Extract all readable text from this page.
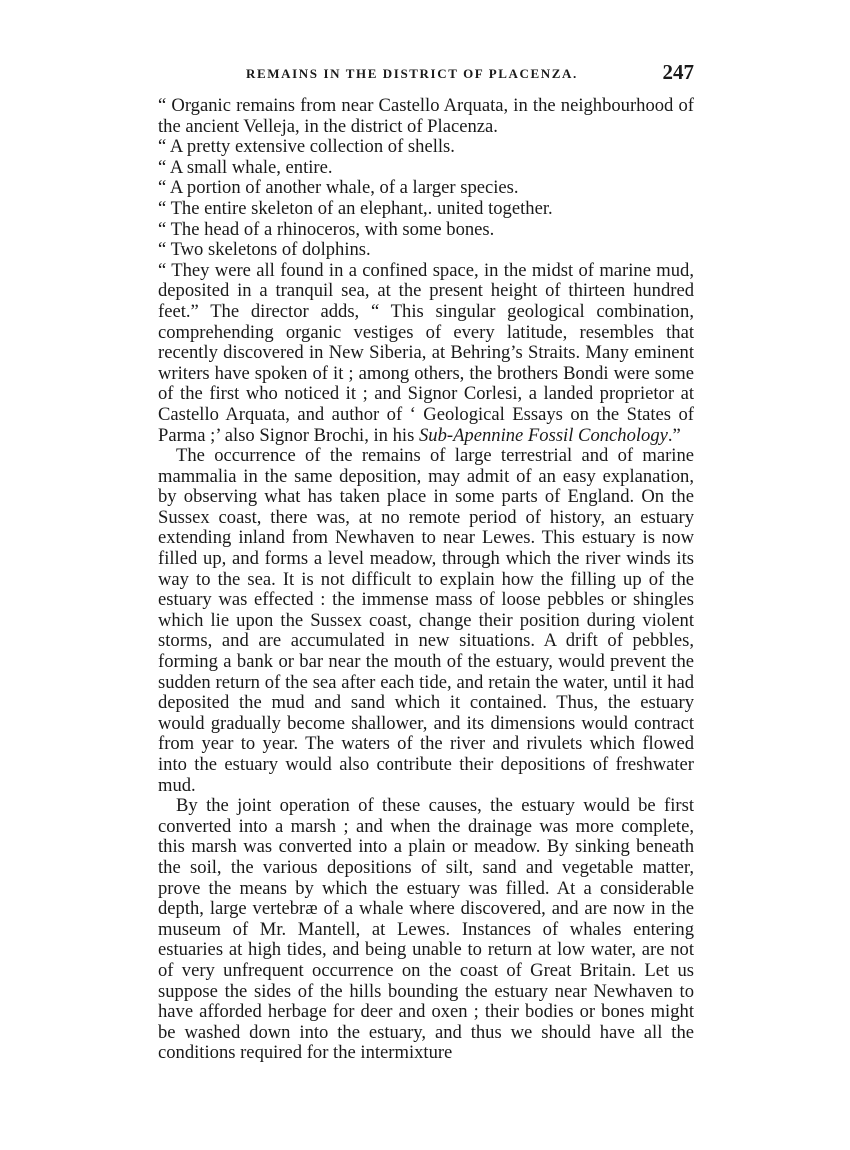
REMAINS IN THE DISTRICT OF PLACENZA.	247

“ Organic remains from near Castello Arquata, in the neighbourhood of the ancient Velleja, in the district of Placenza.

“ A pretty extensive collection of shells.

“ A small whale, entire.

“ A portion of another whale, of a larger species.

“ The entire skeleton of an elephant,. united together.

“ The head of a rhinoceros, with some bones.

“ Two skeletons of dolphins.

“ They were all found in a confined space, in the midst of marine mud, deposited in a tranquil sea, at the present height of thirteen hundred feet.” The director adds, “ This singular geological combination, comprehending organic vestiges of every latitude, resembles that recently discovered in New Siberia, at Behring’s Straits. Many eminent writers have spoken of it ; among others, the brothers Bondi were some of the first who noticed it ; and Signor Corlesi, a landed proprietor at Castello Arquata, and author of ‘ Geological Essays on the States of Parma ;’ also Signor Brochi, in his Sub-Apennine Fossil Conchology.”

The occurrence of the remains of large terrestrial and of marine mammalia in the same deposition, may admit of an easy explanation, by observing what has taken place in some parts of England. On the Sussex coast, there was, at no remote period of history, an estuary extending inland from Newhaven to near Lewes. This estuary is now filled up, and forms a level meadow, through which the river winds its way to the sea. It is not difficult to explain how the filling up of the estuary was effected : the immense mass of loose pebbles or shingles which lie upon the Sussex coast, change their position during violent storms, and are accumulated in new situations. A drift of pebbles, forming a bank or bar near the mouth of the estuary, would prevent the sudden return of the sea after each tide, and retain the water, until it had deposited the mud and sand which it contained. Thus, the estuary would gradually become shallower, and its dimensions would contract from year to year. The waters of the river and rivulets which flowed into the estuary would also contribute their depositions of freshwater mud.

By the joint operation of these causes, the estuary would be first converted into a marsh ; and when the drainage was more complete, this marsh was converted into a plain or meadow. By sinking beneath the soil, the various depositions of silt, sand and vegetable matter, prove the means by which the estuary was filled. At a considerable depth, large vertebræ of a whale where discovered, and are now in the museum of Mr. Mantell, at Lewes. Instances of whales entering estuaries at high tides, and being unable to return at low water, are not of very unfrequent occurrence on the coast of Great Britain. Let us suppose the sides of the hills bounding the estuary near Newhaven to have afforded herbage for deer and oxen ; their bodies or bones might be washed down into the estuary, and thus we should have all the conditions required for the intermixture
